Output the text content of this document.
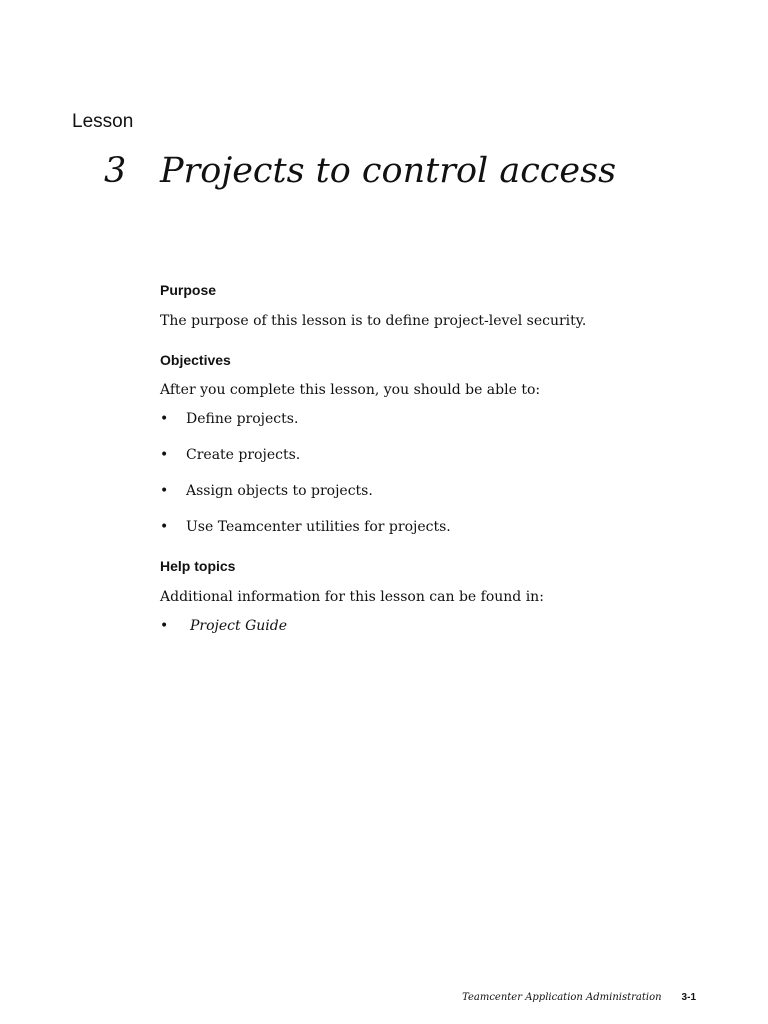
Lesson
3 Projects to control access
Purpose

The purpose of this lesson is to define project-level security.

Objectives

After you complete this lesson, you should be able to:

• Define projects.
• Create projects.
• Assign objects to projects.
• Use Teamcenter utilities for projects.
Help topics

Additional information for this lesson can be found in:

• Project Guide
Teamcenter Application Administration 3-1
